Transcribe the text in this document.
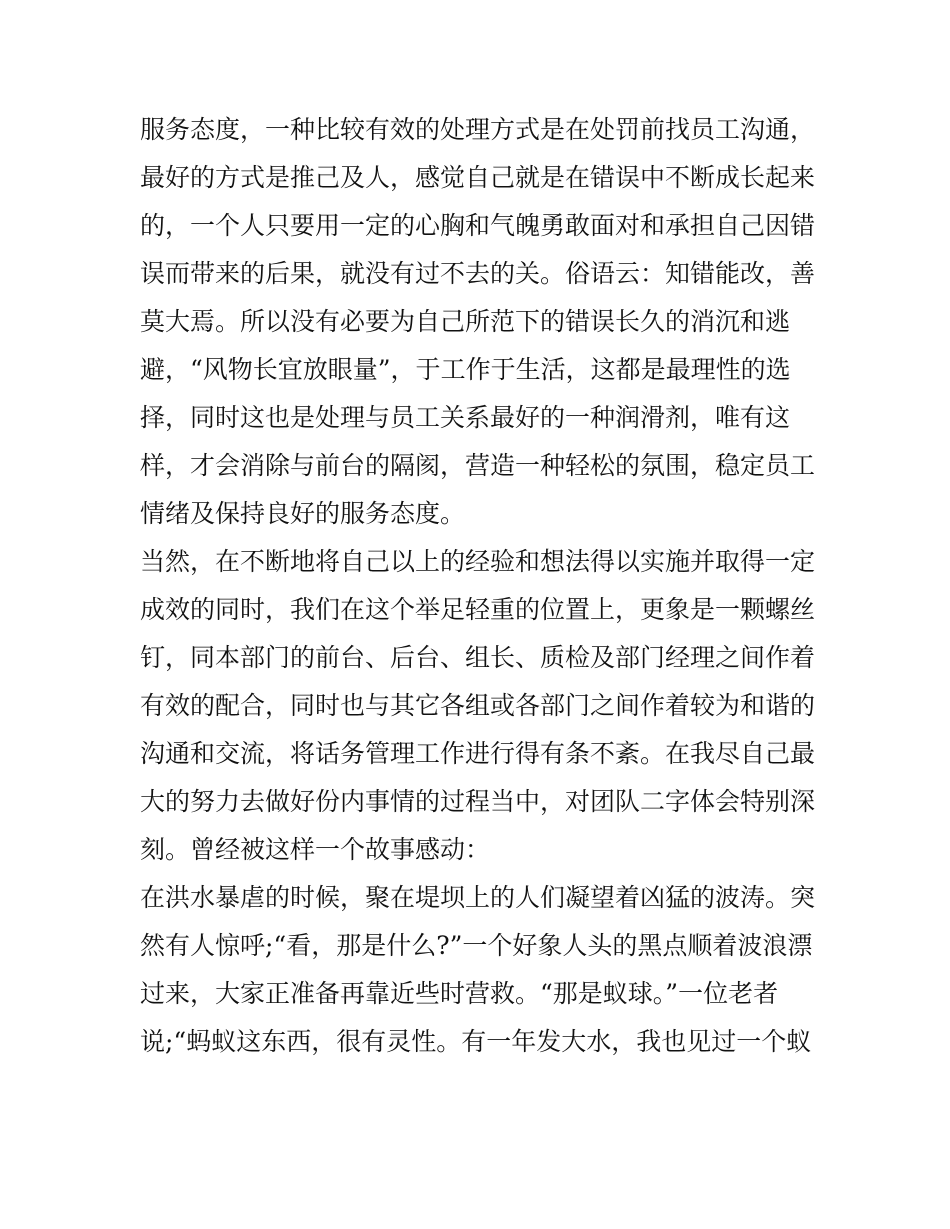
服务态度，一种比较有效的处理方式是在处罚前找员工沟通，
最好的方式是推己及人，感觉自己就是在错误中不断成长起来
的，一个人只要用一定的心胸和气魄勇敢面对和承担自己因错
误而带来的后果，就没有过不去的关。俗语云：知错能改，善
莫大焉。所以没有必要为自己所范下的错误长久的消沉和逃
避，“风物长宜放眼量”，于工作于生活，这都是最理性的选
择，同时这也是处理与员工关系最好的一种润滑剂，唯有这
样，才会消除与前台的隔阂，营造一种轻松的氛围，稳定员工
情绪及保持良好的服务态度。
当然，在不断地将自己以上的经验和想法得以实施并取得一定
成效的同时，我们在这个举足轻重的位置上，更象是一颗螺丝
钉，同本部门的前台、后台、组长、质检及部门经理之间作着
有效的配合，同时也与其它各组或各部门之间作着较为和谐的
沟通和交流，将话务管理工作进行得有条不紊。在我尽自己最
大的努力去做好份内事情的过程当中，对团队二字体会特别深
刻。曾经被这样一个故事感动：
在洪水暴虐的时候，聚在堤坝上的人们凝望着凶猛的波涛。突
然有人惊呼;“看，那是什么?”一个好象人头的黑点顺着波浪漂
过来，大家正准备再靠近些时营救。“那是蚁球。”一位老者
说;“蚂蚁这东西，很有灵性。有一年发大水，我也见过一个蚁
